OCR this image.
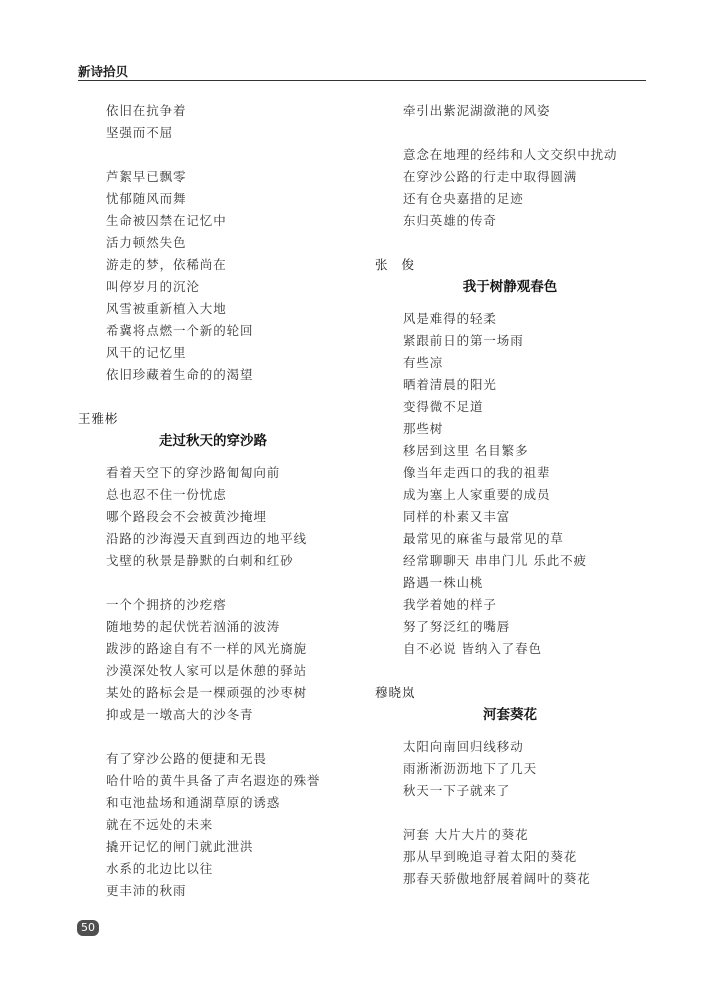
新诗拾贝
依旧在抗争着
坚强而不屈
芦絮早已飘零
忧郁随风而舞
生命被囚禁在记忆中
活力顿然失色
游走的梦，依稀尚在
叫停岁月的沉沦
风雪被重新植入大地
希冀将点燃一个新的轮回
风干的记忆里
依旧珍藏着生命的的渴望
王雅彬
走过秋天的穿沙路
看着天空下的穿沙路匍匐向前
总也忍不住一份忧虑
哪个路段会不会被黄沙掩埋
沿路的沙海漫天直到西边的地平线
戈壁的秋景是静默的白刺和红砂
一个个拥挤的沙疙瘩
随地势的起伏恍若汹涌的波涛
跋涉的路途自有不一样的风光旖旎
沙漠深处牧人家可以是休憩的驿站
某处的路标会是一棵顽强的沙枣树
抑或是一墩高大的沙冬青
有了穿沙公路的便捷和无畏
哈什哈的黄牛具备了声名遐迩的殊誉
和屯池盐场和通湖草原的诱惑
就在不远处的未来
撬开记忆的闸门就此泄洪
水系的北边比以往
更丰沛的秋雨
牵引出紫泥湖潋滟的风姿
意念在地理的经纬和人文交织中扰动
在穿沙公路的行走中取得圆满
还有仓央嘉措的足迹
东归英雄的传奇
张俊
我于树静观春色
风是难得的轻柔
紧跟前日的第一场雨
有些凉
晒着清晨的阳光
变得微不足道
那些树
移居到这里 名目繁多
像当年走西口的我的祖辈
成为塞上人家重要的成员
同样的朴素又丰富
最常见的麻雀与最常见的草
经常聊聊天 串串门儿 乐此不疲
路遇一株山桃
我学着她的样子
努了努泛红的嘴唇
自不必说 皆纳入了春色
穆晓岚
河套葵花
太阳向南回归线移动
雨淅淅沥沥地下了几天
秋天一下子就来了
河套 大片大片的葵花
那从早到晚追寻着太阳的葵花
那春天骄傲地舒展着阔叶的葵花
50
